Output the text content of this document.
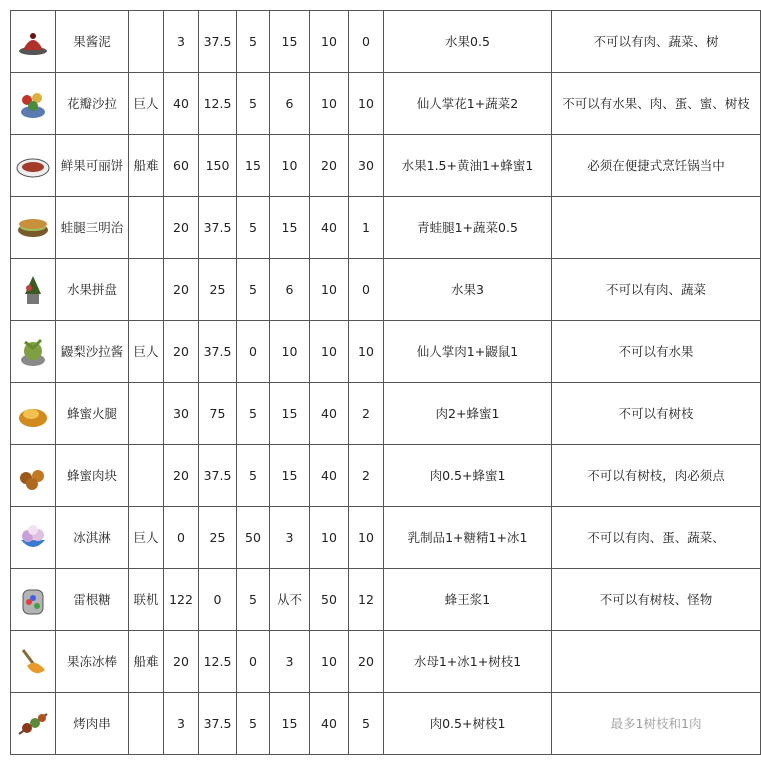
	果酱泥		3	37.5	5	15	10	0	水果0.5	不可以有肉、蔬菜、树

	花瓣沙拉	巨人	40	12.5	5	6	10	10	仙人掌花1+蔬菜2	不可以有水果、肉、蛋、蜜、树枝

	鲜果可丽饼	船难	60	150	15	10	20	30	水果1.5+黄油1+蜂蜜1	必须在便捷式烹饪锅当中

	蛙腿三明治		20	37.5	5	15	40	1	青蛙腿1+蔬菜0.5	

	水果拼盘		20	25	5	6	10	0	水果3	不可以有肉、蔬菜

	鼹梨沙拉酱	巨人	20	37.5	0	10	10	10	仙人掌肉1+鼹鼠1	不可以有水果

	蜂蜜火腿		30	75	5	15	40	2	肉2+蜂蜜1	不可以有树枝

	蜂蜜肉块		20	37.5	5	15	40	2	肉0.5+蜂蜜1	不可以有树枝，肉必须点

	冰淇淋	巨人	0	25	50	3	10	10	乳制品1+糖精1+冰1	不可以有肉、蛋、蔬菜、

	雷根糖	联机	122	0	5	从不	50	12	蜂王浆1	不可以有树枝、怪物

	果冻冰棒	船难	20	12.5	0	3	10	20	水母1+冰1+树枝1	

	烤肉串		3	37.5	5	15	40	5	肉0.5+树枝1	最多1树枝和1肉
